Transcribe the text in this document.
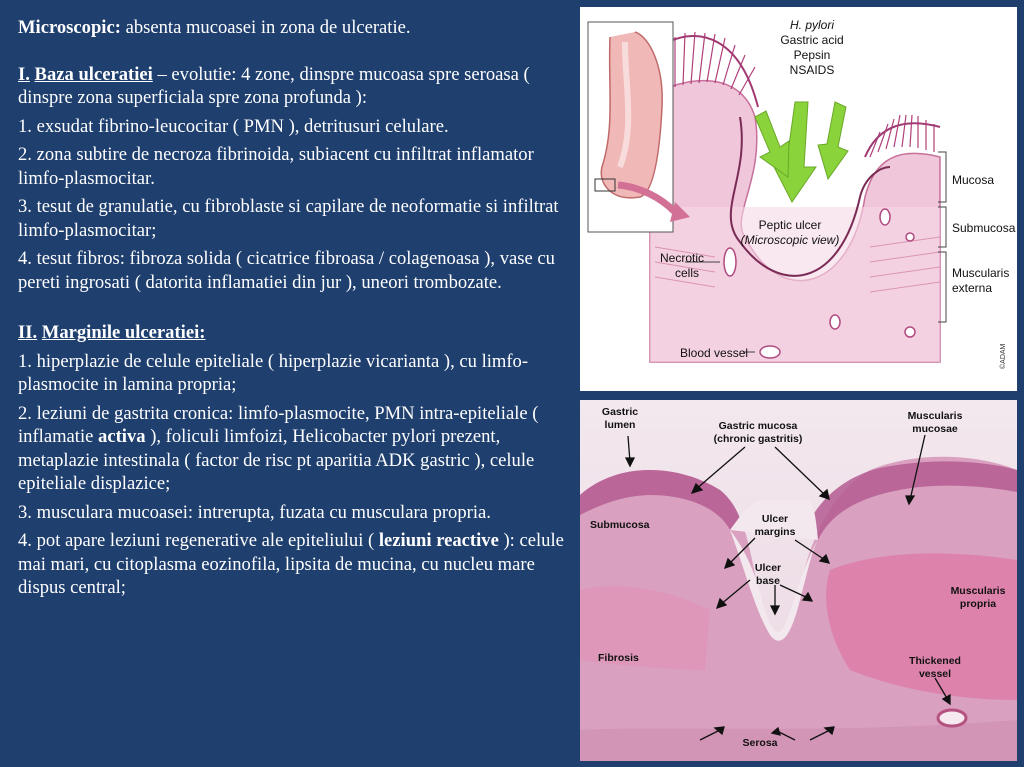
Microscopic: absenta mucoasei in zona de ulceratie.

I. Baza ulceratiei – evolutie: 4 zone, dinspre mucoasa spre seroasa ( dinspre zona superficiala spre zona profunda ):

1. exsudat fibrino-leucocitar ( PMN ), detritusuri celulare.

2. zona subtire de necroza fibrinoida, subiacent cu infiltrat inflamator limfo-plasmocitar.

3. tesut de granulatie, cu fibroblaste si capilare de neoformatie si infiltrat limfo-plasmocitar;

4. tesut fibros: fibroza solida ( cicatrice fibroasa / colagenoasa ), vase cu pereti ingrosati ( datorita inflamatiei din jur ), uneori trombozate.

II. Marginile ulceratiei:

1. hiperplazie de celule epiteliale ( hiperplazie vicarianta ), cu limfo-plasmocite in lamina propria;

2. leziuni de gastrita cronica: limfo-plasmocite, PMN intra-epiteliale ( inflamatie activa ), foliculi limfoizi, Helicobacter pylori prezent, metaplazie intestinala ( factor de risc pt aparitia ADK gastric ), celule epiteliale displazice;

3. musculara mucoasei: intrerupta, fuzata cu musculara propria.

4. pot apare leziuni regenerative ale epiteliului ( leziuni reactive ): celule mai mari, cu citoplasma eozinofila, lipsita de mucina, cu nucleu mare dispus central;

H. pylori
Gastric acid
Pepsin
NSAIDS
Peptic ulcer
(Microscopic view)
Necrotic
cells
Blood vessel
Mucosa
Submucosa
Muscularis
externa
©ADAM
Gastric
lumen	Gastric mucosa
(chronic gastritis)
Muscularis
mucosae
Submucosa	Ulcer
margins
Ulcer
base
Muscularis
propria
Fibrosis	Thickened
vessel
Serosa
